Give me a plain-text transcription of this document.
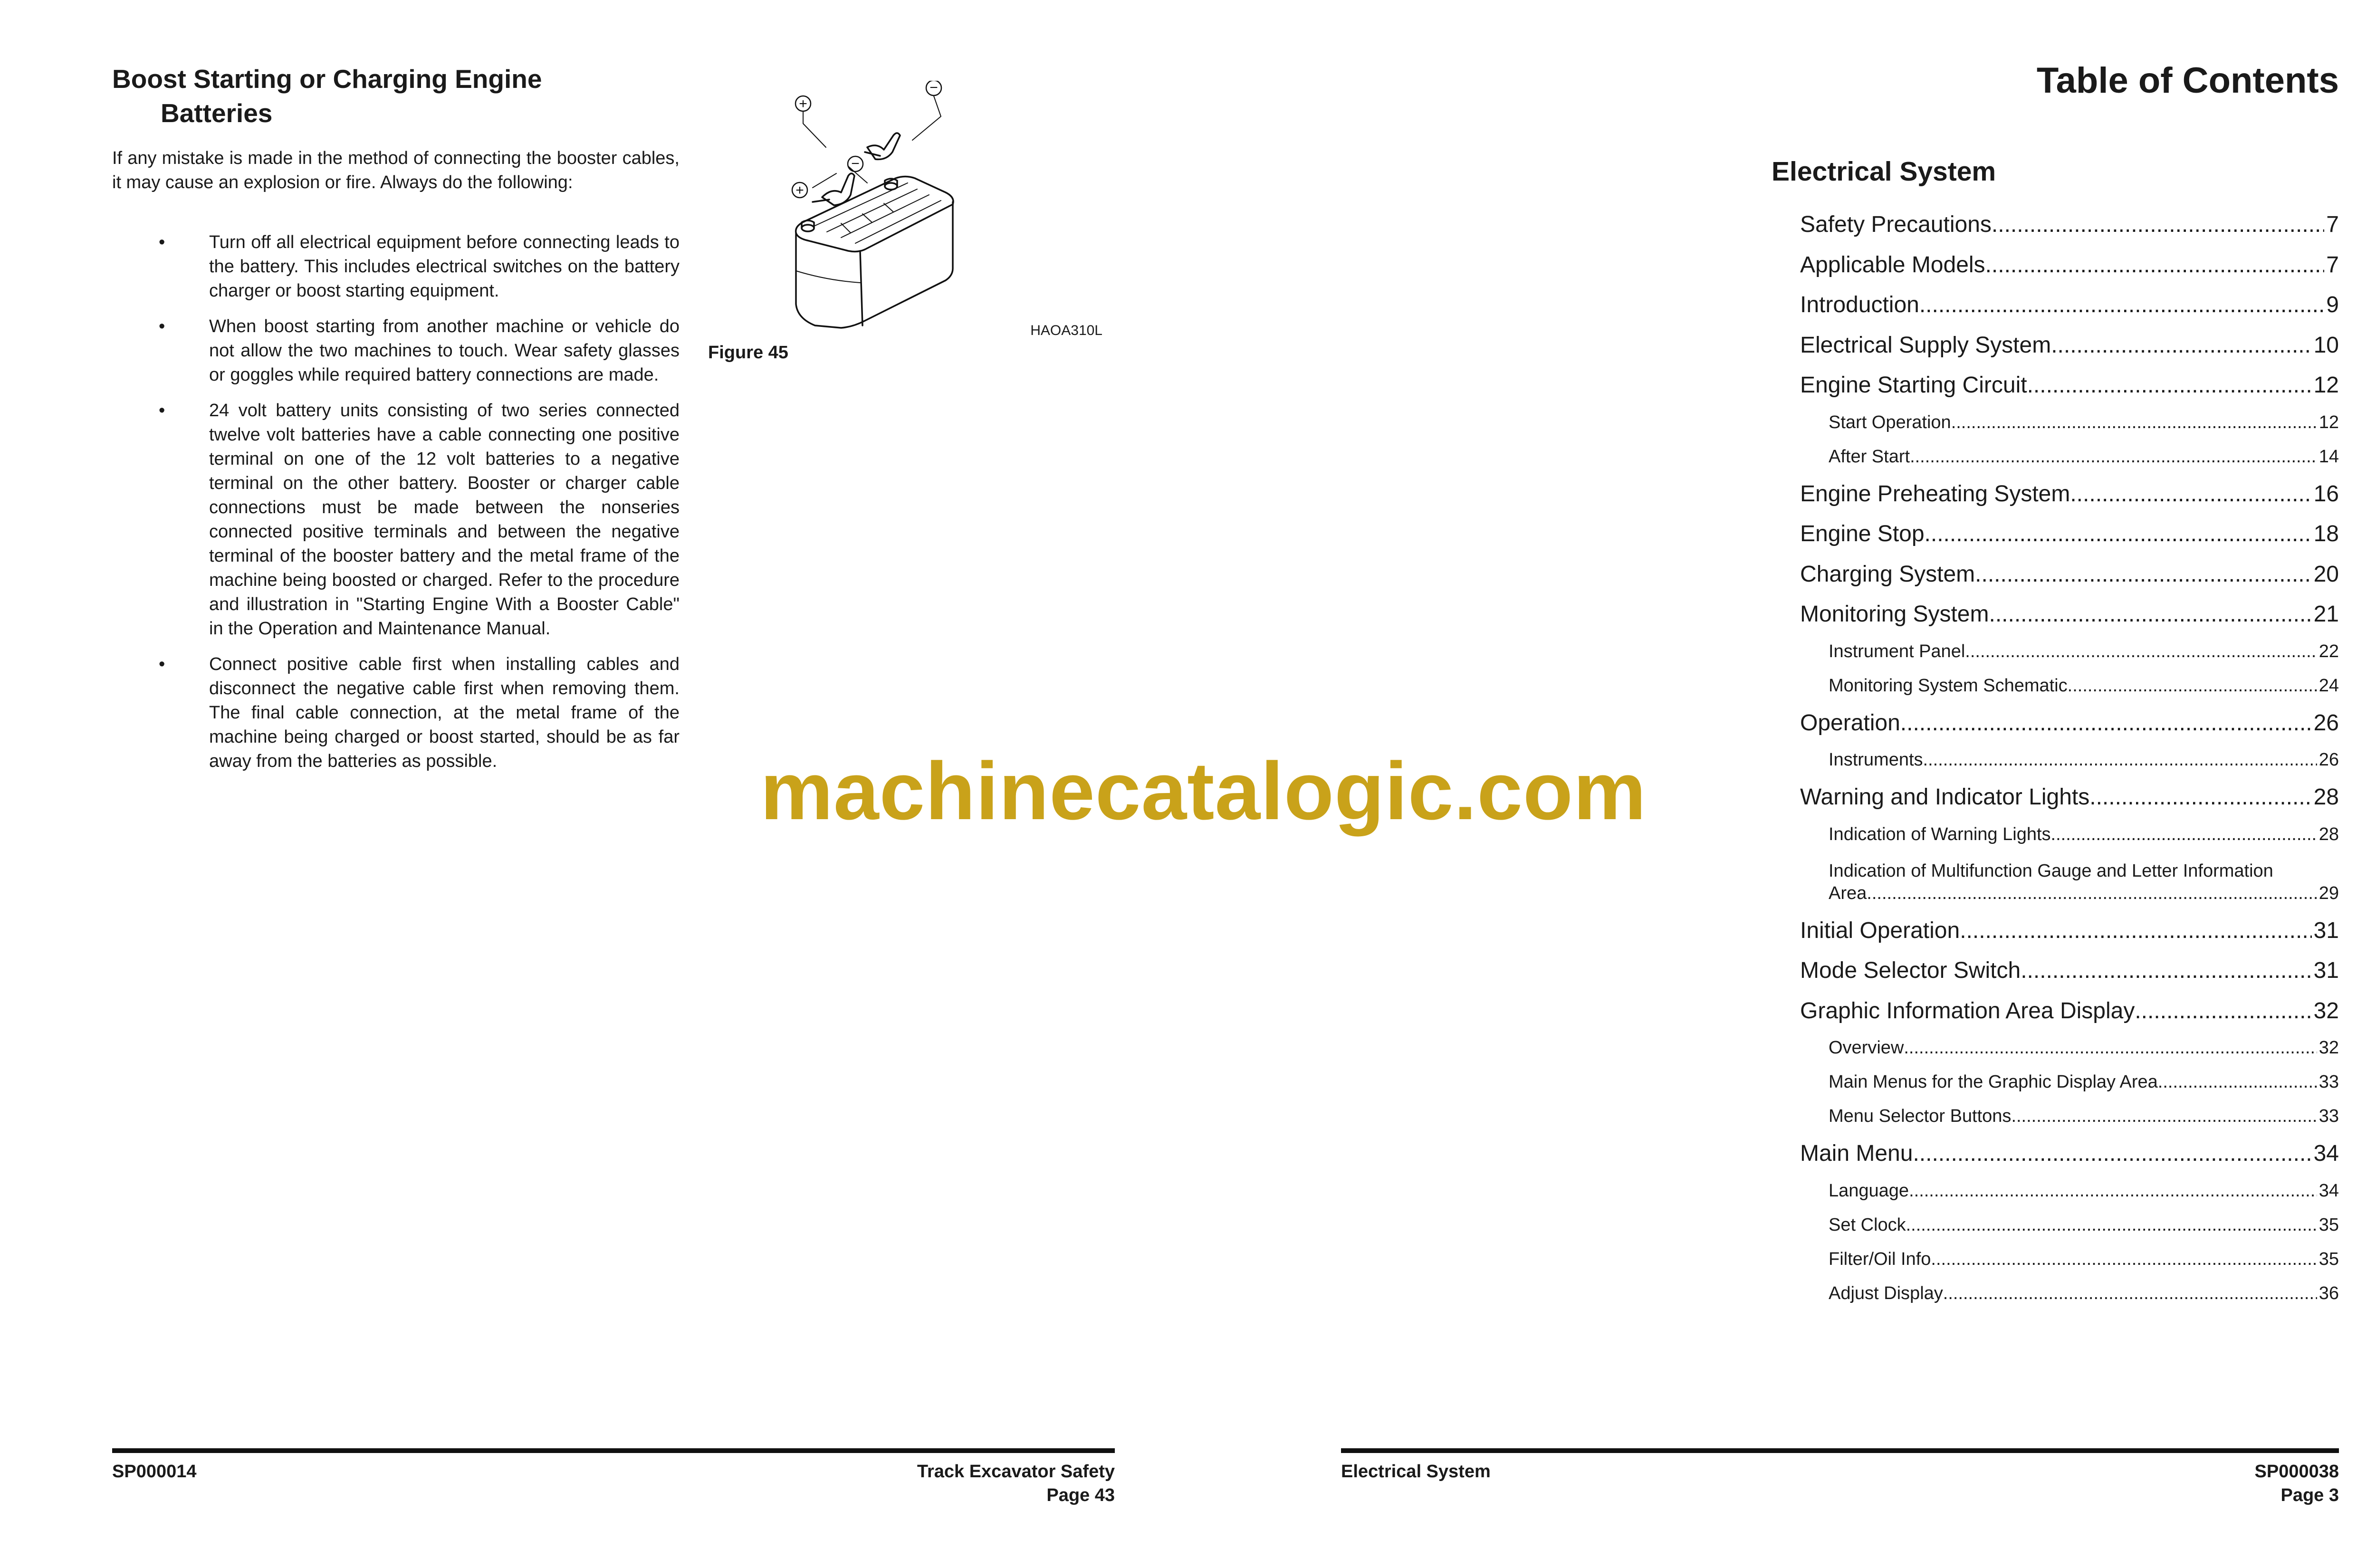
Boost Starting or Charging Engine
Batteries
If any mistake is made in the method of connecting the booster cables, it may cause an explosion or fire. Always do the following:
• Turn off all electrical equipment before connecting leads to the battery. This includes electrical switches on the battery charger or boost starting equipment.
• When boost starting from another machine or vehicle do not allow the two machines to touch. Wear safety glasses or goggles while required battery connections are made.
• 24 volt battery units consisting of two series connected twelve volt batteries have a cable connecting one positive terminal on one of the 12 volt batteries to a negative terminal on the other battery. Booster or charger cable connections must be made between the nonseries connected positive terminals and between the negative terminal of the booster battery and the metal frame of the machine being boosted or charged. Refer to the procedure and illustration in "Starting Engine With a Booster Cable" in the Operation and Maintenance Manual.
• Connect positive cable first when installing cables and disconnect the negative cable first when removing them. The final cable connection, at the metal frame of the machine being charged or boost started, should be as far away from the batteries as possible.
+
−
−
+
HAOA310L
Figure 45
SP000014	Track Excavator Safety
Page 43
machinecatalogic.com
Table of Contents
Electrical System
Safety Precautions .....	7
Applicable Models .....	7
Introduction .....	9
Electrical Supply System .....	10
Engine Starting Circuit .....	12
Start Operation .....	12
After Start .....	14
Engine Preheating System .....	16
Engine Stop .....	18
Charging System .....	20
Monitoring System .....	21
Instrument Panel .....	22
Monitoring System Schematic .....	24
Operation .....	26
Instruments .....	26
Warning and Indicator Lights .....	28
Indication of Warning Lights .....	28
Indication of Multifunction Gauge and Letter Information
Area .....	29
Initial Operation .....	31
Mode Selector Switch .....	31
Graphic Information Area Display .....	32
Overview .....	32
Main Menus for the Graphic Display Area .....	33
Menu Selector Buttons .....	33
Main Menu .....	34
Language .....	34
Set Clock .....	35
Filter/Oil Info .....	35
Adjust Display .....	36
Electrical System	SP000038
Page 3
